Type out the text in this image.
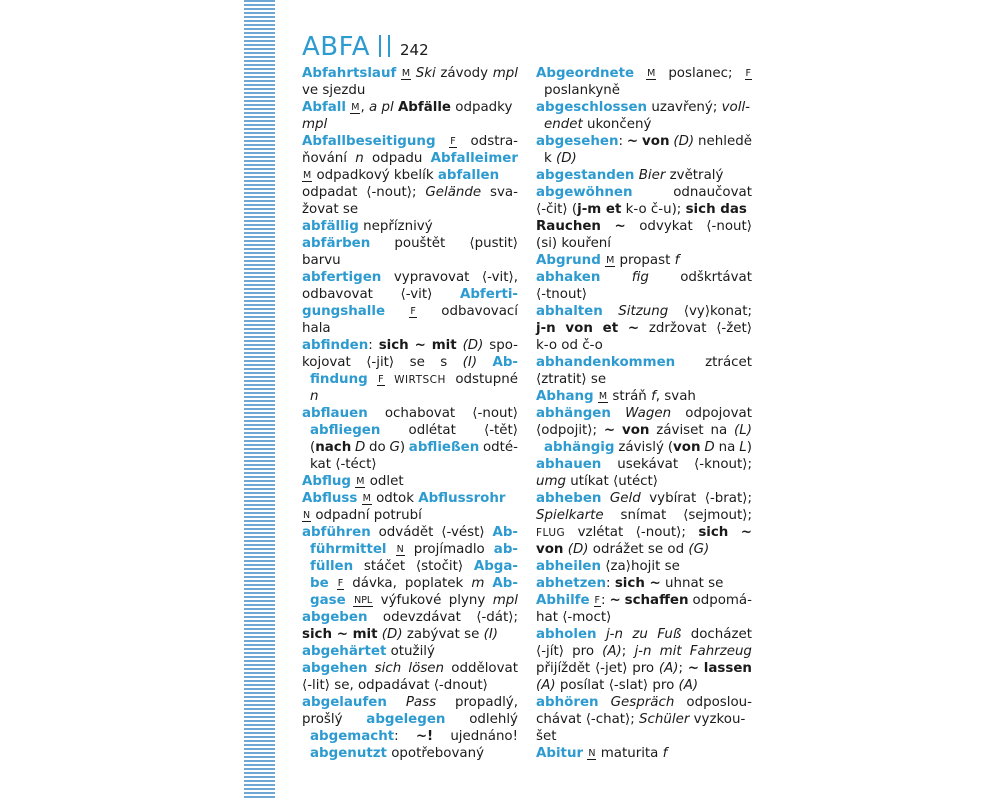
ABFA 242
Abfahrtslauf M Ski závody mpl
ve sjezdu
Abfall M, a pl Abfälle odpadky
mpl
Abfallbeseitigung F odstra-
ňování n odpadu Abfalleimer
M odpadkový kbelík abfallen
odpadat ⟨-nout⟩; Gelände sva-
žovat se
abfällig nepříznivý
abfärben pouštět ⟨pustit⟩
barvu
abfertigen vypravovat ⟨-vit⟩,
odbavovat ⟨-vit⟩ Abferti-
gungshalle	F odbavovací
hala
abfinden: sich ~ mit (D) spo-
kojovat ⟨-jit⟩ se s (I) Ab-
findung F WIRTSCH odstupné
n
abflauen ochabovat ⟨-nout⟩
abfliegen odlétat ⟨-tět⟩
(nach D do G) abfließen odté-
kat ⟨-téct⟩
Abflug M odlet
Abfluss M odtok Abflussrohr
N odpadní potrubí
abführen odvádět ⟨-vést⟩ Ab-
führmittel N projímadlo ab-
füllen stáčet ⟨stočit⟩ Abga-
be F dávka, poplatek m Ab-
gase NPL výfukové plyny mpl
abgeben odevzdávat ⟨-dát⟩;
sich ~ mit (D) zabývat se (I)
abgehärtet otužilý
abgehen sich lösen oddělovat
⟨-lit⟩ se, odpadávat ⟨-dnout⟩
abgelaufen Pass propadlý,
prošlý abgelegen odlehlý
abgemacht: ~! ujednáno!
abgenutzt opotřebovaný
Abgeordnete M poslanec; F
poslankyně
abgeschlossen uzavřený; voll-
endet ukončený
abgesehen: ~ von (D) nehledě
k (D)
abgestanden Bier zvětralý
abgewöhnen	odnaučovat
⟨-čit⟩ (j-m et k-o č-u); sich das
Rauchen ~ odvykat ⟨-nout⟩
(si) kouření
Abgrund M propast f
abhaken fig odškrtávat
⟨-tnout⟩
abhalten Sitzung ⟨vy⟩konat;
j-n von et ~ zdržovat ⟨-žet⟩
k-o od č-o
abhandenkommen ztrácet
⟨ztratit⟩ se
Abhang M stráň f, svah
abhängen Wagen odpojovat
⟨odpojit⟩; ~ von záviset na (L)
abhängig závislý (von D na L)
abhauen usekávat ⟨-knout⟩;
umg utíkat ⟨utéct⟩
abheben Geld vybírat ⟨-brat⟩;
Spielkarte snímat ⟨sejmout⟩;
FLUG vzlétat ⟨-nout⟩; sich ~
von (D) odrážet se od (G)
abheilen ⟨za⟩hojit se
abhetzen: sich ~ uhnat se
Abhilfe F: ~ schaffen odpomá-
hat ⟨-moct⟩
abholen j-n zu Fuß docházet
⟨-jít⟩ pro (A); j-n mit Fahrzeug
přijíždět ⟨-jet⟩ pro (A); ~ lassen
(A) posílat ⟨-slat⟩ pro (A)
abhören Gespräch odposlou-
chávat ⟨-chat⟩; Schüler vyzkou-
šet
Abitur N maturita f
